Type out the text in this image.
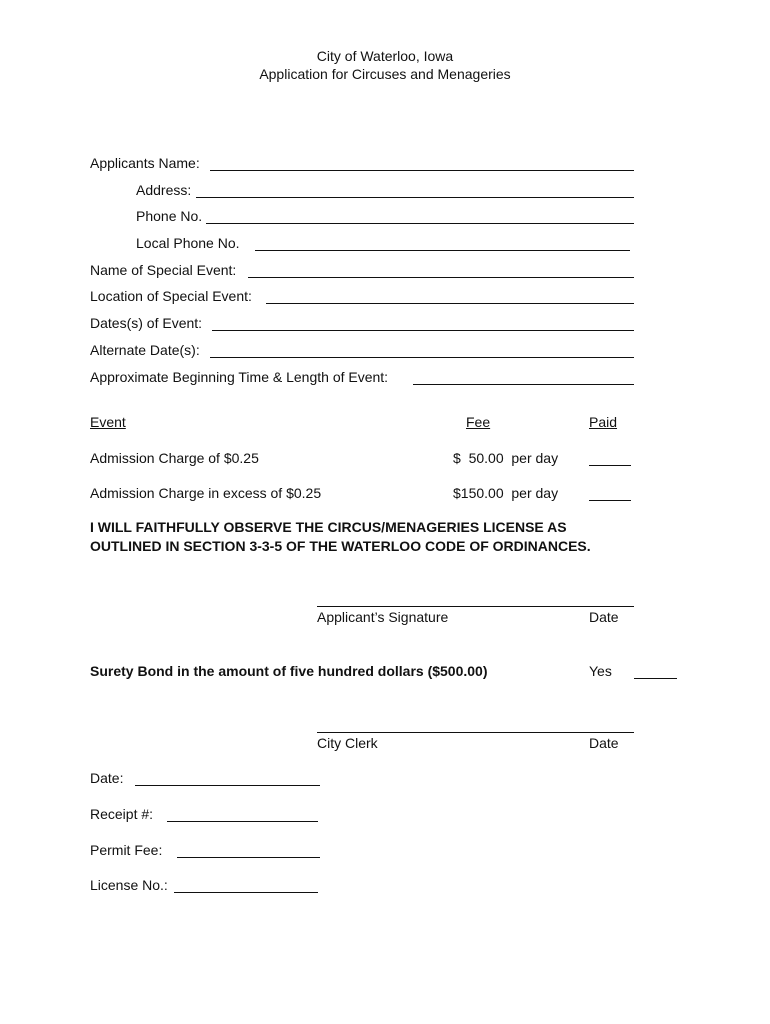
City of Waterloo, Iowa
Application for Circuses and Menageries
Applicants Name:
Address:
Phone No.
Local Phone No.
Name of Special Event:
Location of Special Event:
Dates(s) of Event:
Alternate Date(s):
Approximate Beginning Time & Length of Event:
Event	Fee	Paid
Admission Charge of $0.25	$  50.00  per day
Admission Charge in excess of $0.25	$150.00  per day
I WILL FAITHFULLY OBSERVE THE CIRCUS/MENAGERIES LICENSE AS
OUTLINED IN SECTION 3-3-5 OF THE WATERLOO CODE OF ORDINANCES.
Applicant’s Signature	Date
Surety Bond in the amount of five hundred dollars ($500.00)	Yes
City Clerk	Date
Date:
Receipt #:
Permit Fee:
License No.:
